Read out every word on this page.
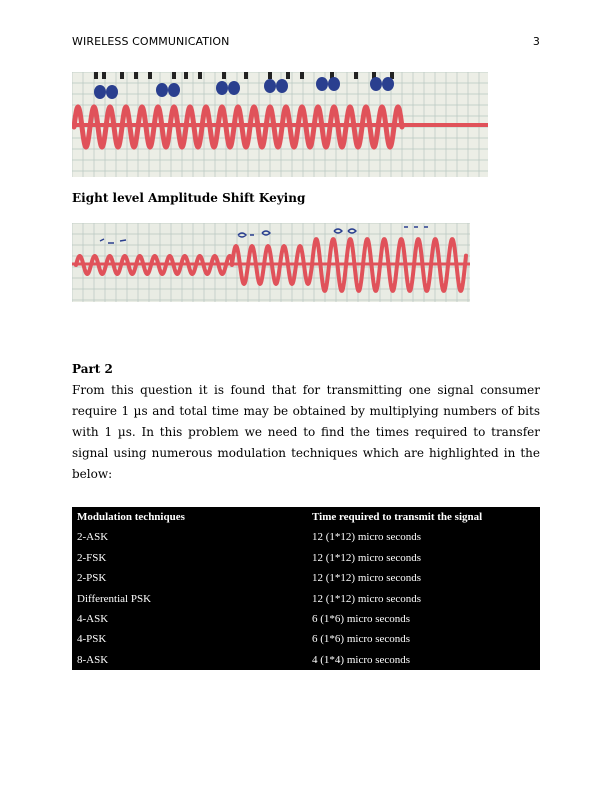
WIRELESS COMMUNICATION	3
Eight level Amplitude Shift Keying
Part 2

From this question it is found that for transmitting one signal consumer require 1 µs and total time may be obtained by multiplying numbers of bits with 1 µs. In this problem we need to find the times required to transfer signal using numerous modulation techniques which are highlighted in the below:

Modulation techniques	Time required to transmit the signal
2-ASK	12 (1*12) micro seconds
2-FSK	12 (1*12) micro seconds
2-PSK	12 (1*12) micro seconds
Differential PSK	12 (1*12) micro seconds
4-ASK	6 (1*6) micro seconds
4-PSK	6 (1*6) micro seconds
8-ASK	4 (1*4) micro seconds
